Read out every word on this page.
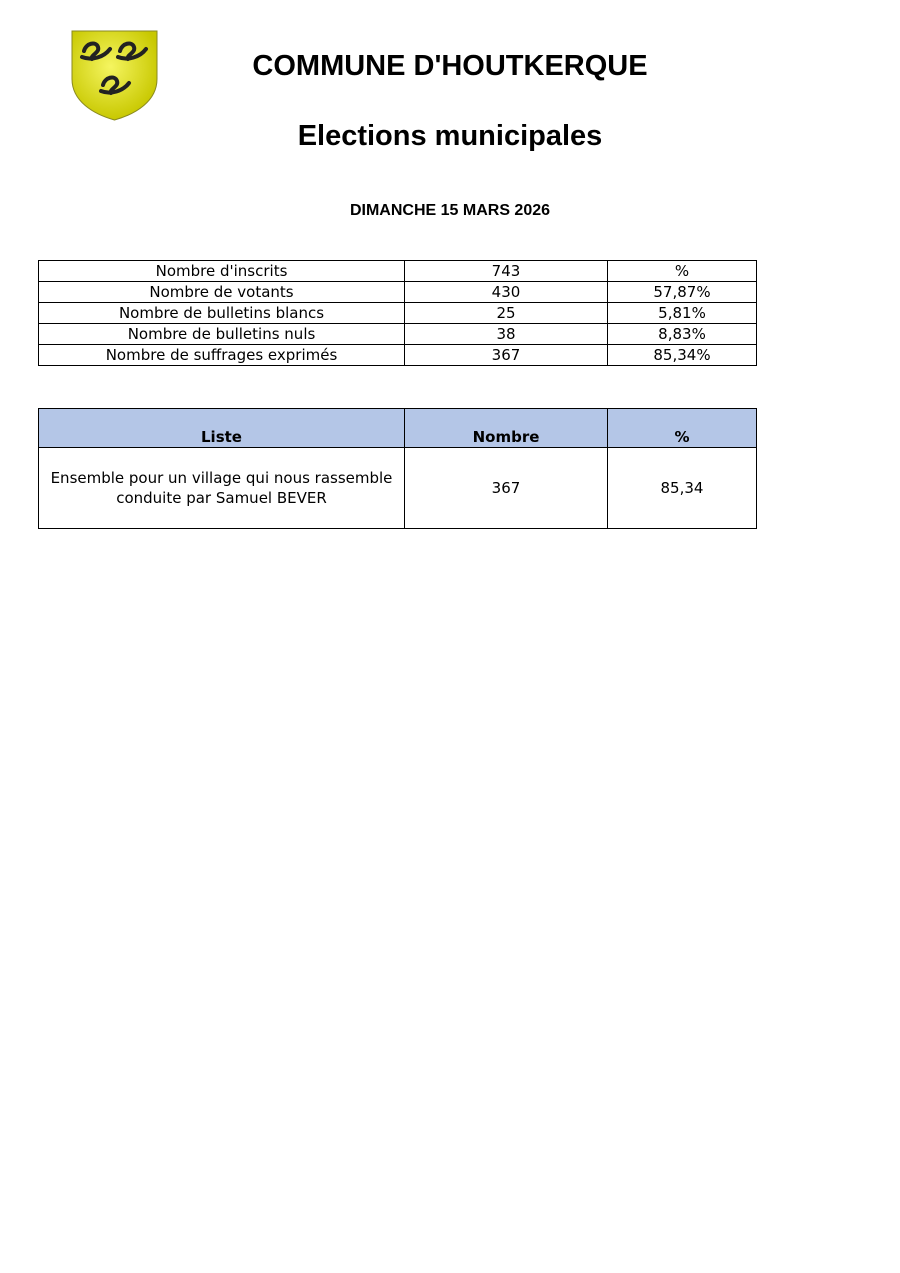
COMMUNE D'HOUTKERQUE
Elections municipales
DIMANCHE 15 MARS 2026
Nombre d'inscrits	743	%
Nombre de votants	430	57,87%
Nombre de bulletins blancs	25	5,81%
Nombre de bulletins nuls	38	8,83%
Nombre de suffrages exprimés	367	85,34%
Liste	Nombre	%
Ensemble pour un village qui nous rassemble
conduite par Samuel BEVER	367	85,34
